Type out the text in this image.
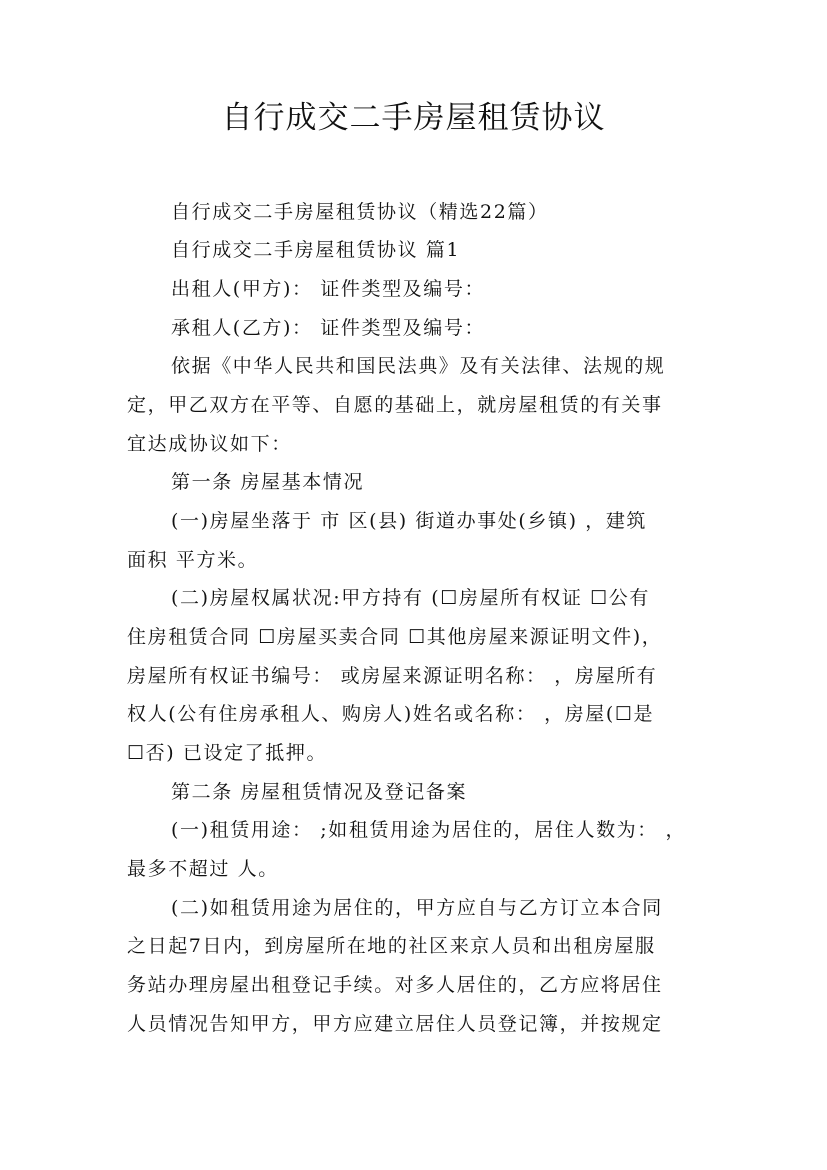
自行成交二手房屋租赁协议
自行成交二手房屋租赁协议（精选22篇）
自行成交二手房屋租赁协议 篇1
出租人(甲方)： 证件类型及编号：
承租人(乙方)： 证件类型及编号：
依据《中华人民共和国民法典》及有关法律、法规的规
定，甲乙双方在平等、自愿的基础上，就房屋租赁的有关事
宜达成协议如下：
第一条 房屋基本情况
(一)房屋坐落于 市 区(县) 街道办事处(乡镇) ，建筑
面积 平方米。
(二)房屋权属状况:甲方持有 (☐房屋所有权证 ☐公有
住房租赁合同 ☐房屋买卖合同 ☐其他房屋来源证明文件)，
房屋所有权证书编号： 或房屋来源证明名称： ，房屋所有
权人(公有住房承租人、购房人)姓名或名称： ，房屋(☐是
☐否) 已设定了抵押。
第二条 房屋租赁情况及登记备案
(一)租赁用途： ;如租赁用途为居住的，居住人数为： ，
最多不超过 人。
(二)如租赁用途为居住的，甲方应自与乙方订立本合同
之日起7日内，到房屋所在地的社区来京人员和出租房屋服
务站办理房屋出租登记手续。对多人居住的，乙方应将居住
人员情况告知甲方，甲方应建立居住人员登记簿，并按规定
